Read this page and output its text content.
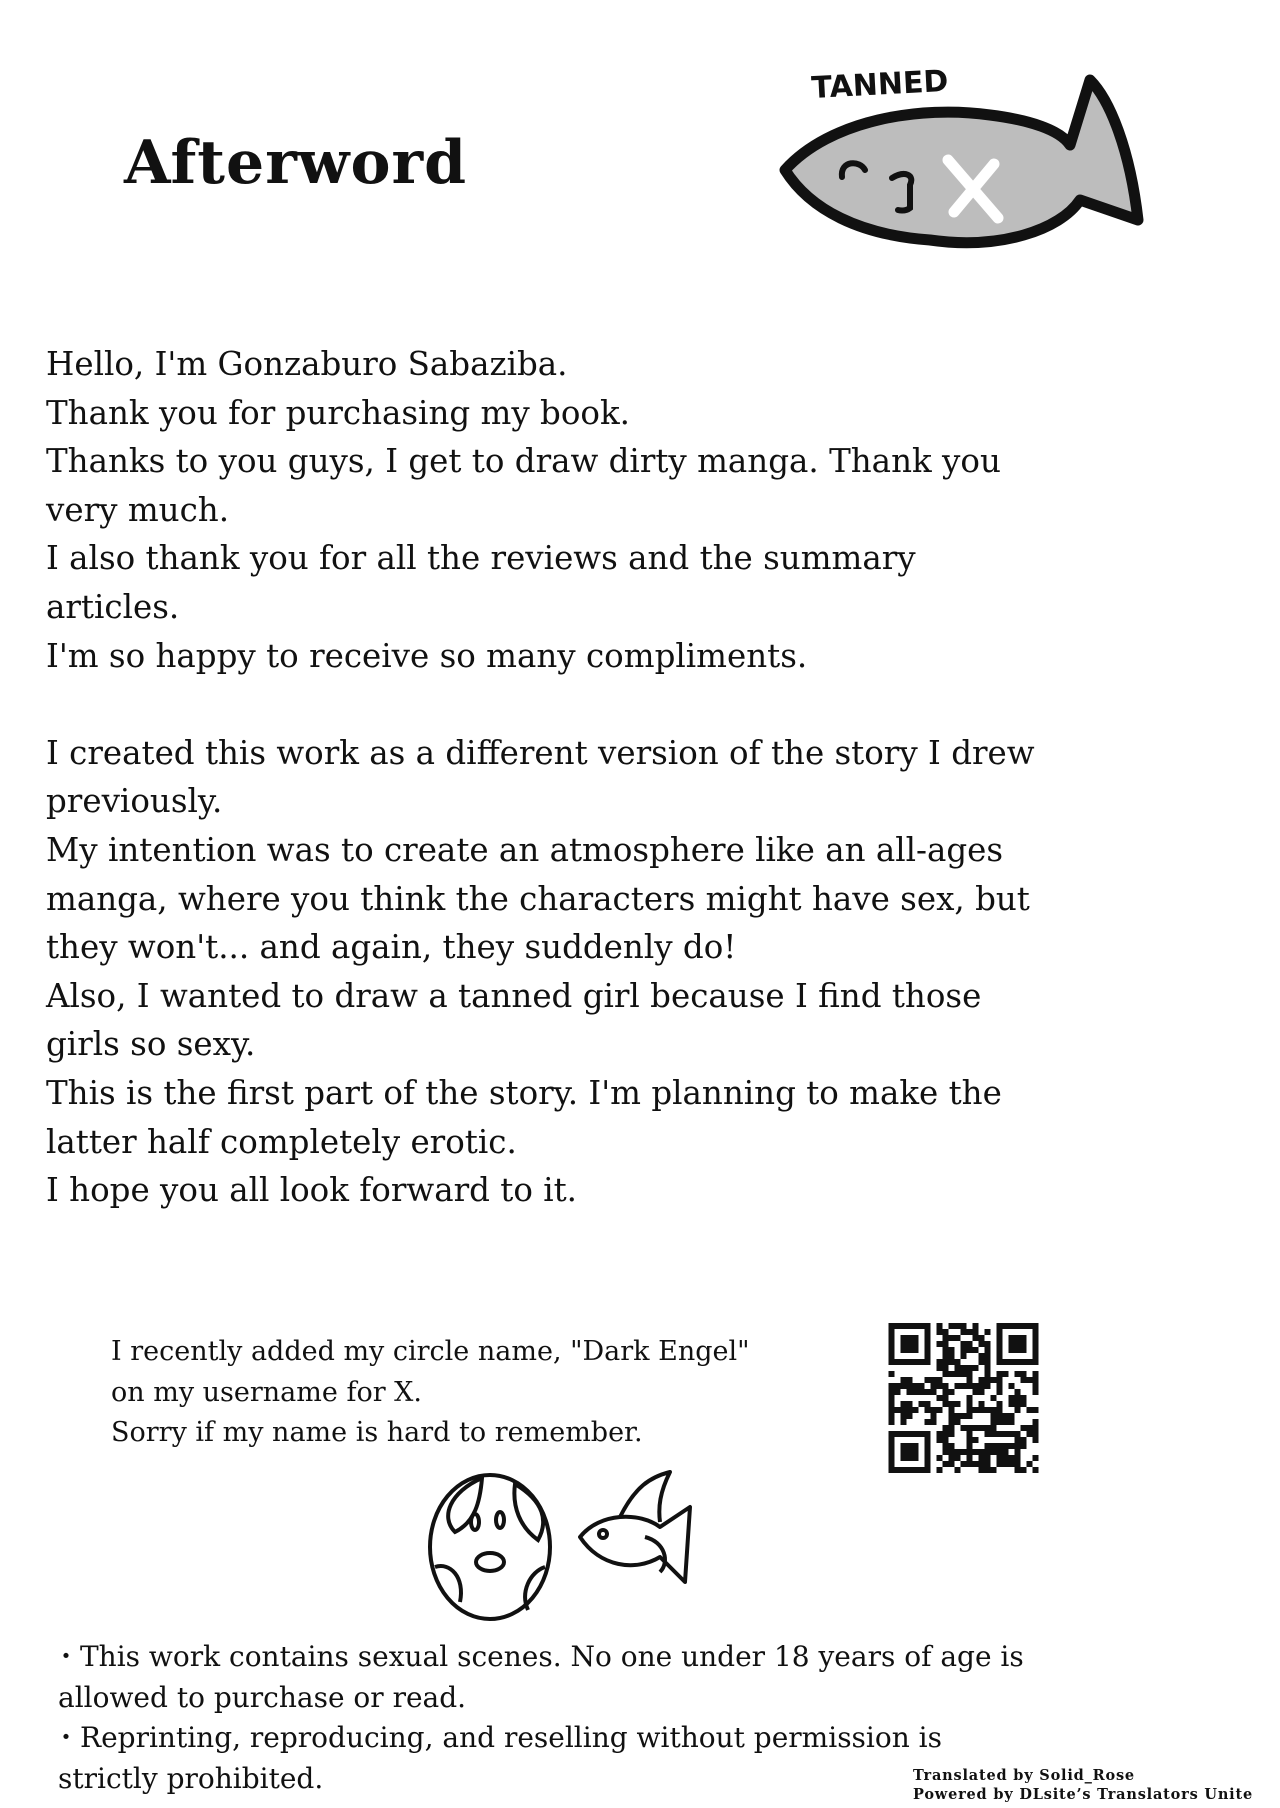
Afterword
TANNED
Hello, I'm Gonzaburo Sabaziba.
Thank you for purchasing my book.
Thanks to you guys, I get to draw dirty manga. Thank you
very much.
I also thank you for all the reviews and the summary
articles.
I'm so happy to receive so many compliments.
I created this work as a different version of the story I drew
previously.
My intention was to create an atmosphere like an all-ages
manga, where you think the characters might have sex, but
they won't... and again, they suddenly do!
Also, I wanted to draw a tanned girl because I find those
girls so sexy.
This is the first part of the story. I'm planning to make the
latter half completely erotic.
I hope you all look forward to it.
I recently added my circle name, "Dark Engel"
on my username for X.
Sorry if my name is hard to remember.
・This work contains sexual scenes. No one under 18 years of age is
allowed to purchase or read.
・Reprinting, reproducing, and reselling without permission is
strictly prohibited.	Translated by Solid_Rose
Powered by DLsite’s Translators Unite
